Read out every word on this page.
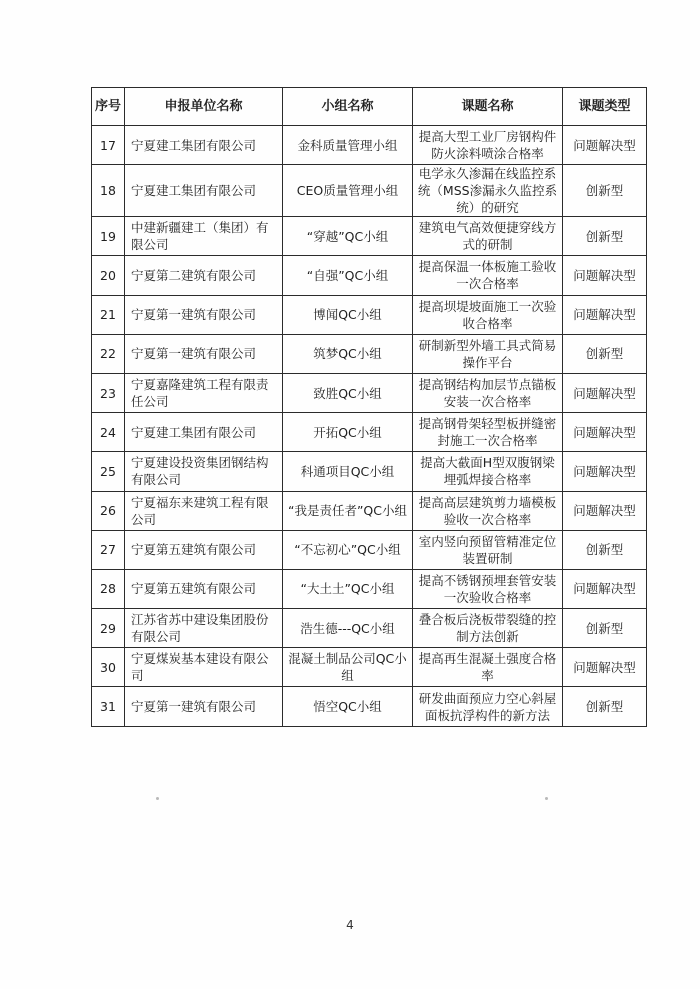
序号	申报单位名称	小组名称	课题名称	课题类型
17	宁夏建工集团有限公司	金科质量管理小组	提高大型工业厂房钢构件防火涂料喷涂合格率	问题解决型
18	宁夏建工集团有限公司	CEO质量管理小组	电学永久渗漏在线监控系统（MSS渗漏永久监控系统）的研究	创新型
19	中建新疆建工（集团）有限公司	“穿越”QC小组	建筑电气高效便捷穿线方式的研制	创新型
20	宁夏第二建筑有限公司	“自强”QC小组	提高保温一体板施工验收一次合格率	问题解决型
21	宁夏第一建筑有限公司	博闻QC小组	提高坝堤坡面施工一次验收合格率	问题解决型
22	宁夏第一建筑有限公司	筑梦QC小组	研制新型外墙工具式简易操作平台	创新型
23	宁夏嘉隆建筑工程有限责任公司	致胜QC小组	提高钢结构加层节点锚板安装一次合格率	问题解决型
24	宁夏建工集团有限公司	开拓QC小组	提高钢骨架轻型板拼缝密封施工一次合格率	问题解决型
25	宁夏建设投资集团钢结构有限公司	科通项目QC小组	提高大截面H型双腹钢梁埋弧焊接合格率	问题解决型
26	宁夏福东来建筑工程有限公司	“我是责任者”QC小组	提高高层建筑剪力墙模板验收一次合格率	问题解决型
27	宁夏第五建筑有限公司	“不忘初心”QC小组	室内竖向预留管精准定位装置研制	创新型
28	宁夏第五建筑有限公司	“大土土”QC小组	提高不锈钢预埋套管安装一次验收合格率	问题解决型
29	江苏省苏中建设集团股份有限公司	浩生德---QC小组	叠合板后浇板带裂缝的控制方法创新	创新型
30	宁夏煤炭基本建设有限公司	混凝土制品公司QC小组	提高再生混凝土强度合格率	问题解决型
31	宁夏第一建筑有限公司	悟空QC小组	研发曲面预应力空心斜屋面板抗浮构件的新方法	创新型
4
